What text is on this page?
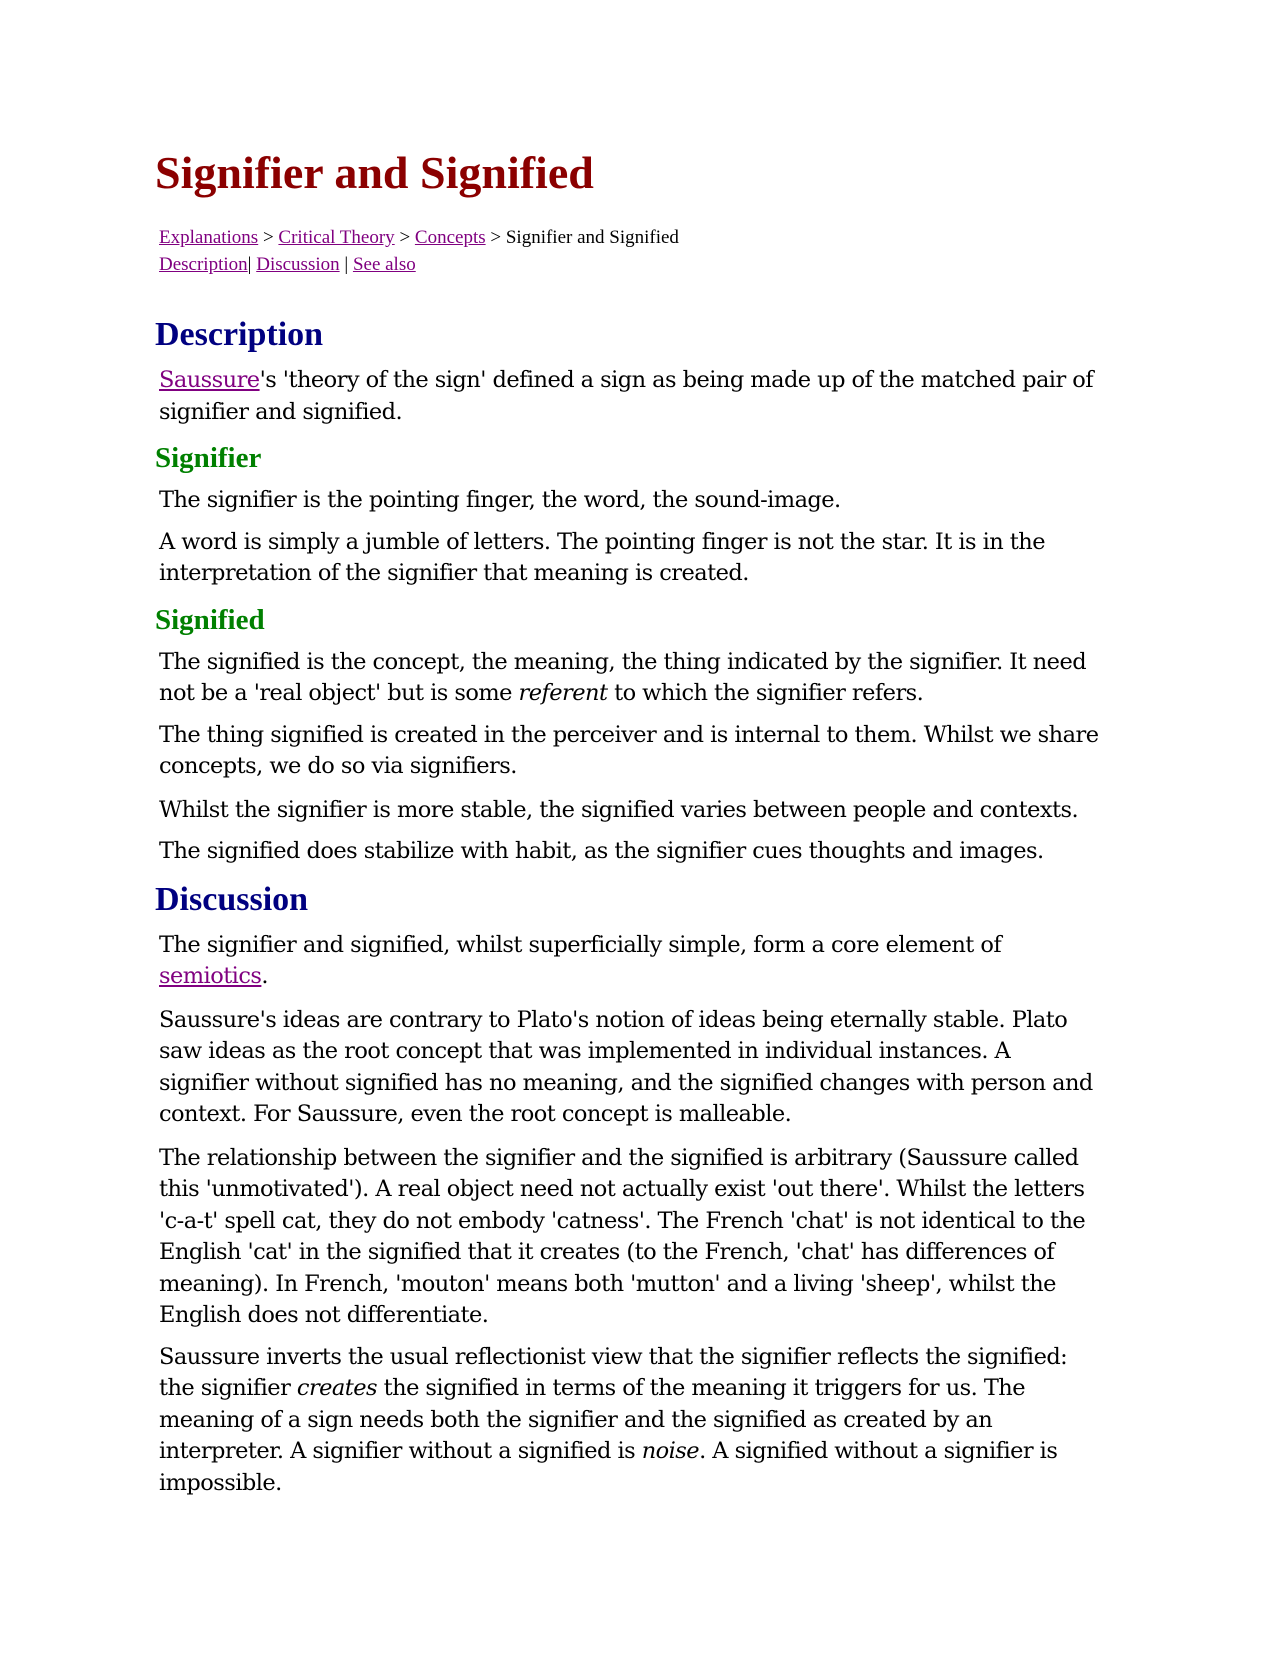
Signifier and Signified
Explanations > Critical Theory > Concepts > Signifier and Signified
Description| Discussion | See also
Description

Saussure's 'theory of the sign' defined a sign as being made up of the matched pair of signifier and signified.

Signifier

The signifier is the pointing finger, the word, the sound-image.

A word is simply a jumble of letters. The pointing finger is not the star. It is in the interpretation of the signifier that meaning is created.

Signified

The signified is the concept, the meaning, the thing indicated by the signifier. It need not be a 'real object' but is some referent to which the signifier refers.

The thing signified is created in the perceiver and is internal to them. Whilst we share concepts, we do so via signifiers.

Whilst the signifier is more stable, the signified varies between people and contexts.

The signified does stabilize with habit, as the signifier cues thoughts and images.

Discussion

The signifier and signified, whilst superficially simple, form a core element of semiotics.

Saussure's ideas are contrary to Plato's notion of ideas being eternally stable. Plato saw ideas as the root concept that was implemented in individual instances. A signifier without signified has no meaning, and the signified changes with person and context. For Saussure, even the root concept is malleable.

The relationship between the signifier and the signified is arbitrary (Saussure called this 'unmotivated'). A real object need not actually exist 'out there'. Whilst the letters 'c-a-t' spell cat, they do not embody 'catness'. The French 'chat' is not identical to the English 'cat' in the signified that it creates (to the French, 'chat' has differences of meaning). In French, 'mouton' means both 'mutton' and a living 'sheep', whilst the English does not differentiate.

Saussure inverts the usual reflectionist view that the signifier reflects the signified: the signifier creates the signified in terms of the meaning it triggers for us. The meaning of a sign needs both the signifier and the signified as created by an interpreter. A signifier without a signified is noise. A signified without a signifier is impossible.
